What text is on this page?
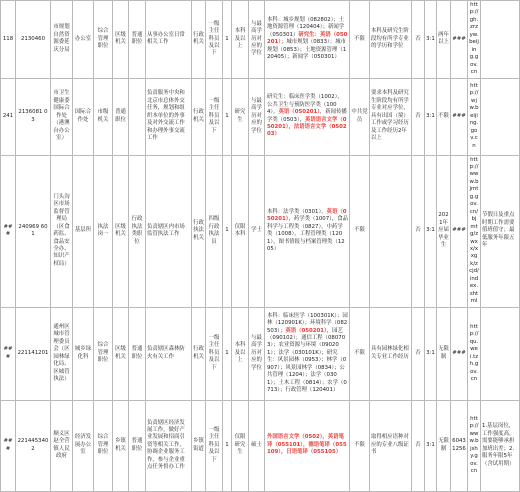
118	2130460	市规划自然资源委延庆分局	办公室	综合管理职位	区级机关	普通职位	从事办公室日常相关工作	行政机关	一级主任科员及以下	1	本科及以上	与最高学历对应的学位	本科：城乡规划（082802）；土地资源管理（120404）；新闻学（050301）研究生：英语（050201）；城市规划（0833）；城市规划（0853）；土地资源管理（120405）；新闻学（050301）	不限	本科及研究生阶段均有所学专业的学历和学位	否	3:1	两年以上	###	http://gh.zrzyw.beijing.gov.cn	
241	2136081 03	市卫生健康委国际合作处（港澳台办公室）	国际合作处	市级机关	普通职位		负责服务中央和北京市总体外交任务，规划和组织本单位的外事及对外交流工作和办理外事交流工作	行政机关	一级主任科员及以下	1	研究生	与最高学历对应的学位	研究生：临床医学类（1002），公共卫生与预防医学类（1004），英语（050201），新闻传播学类（0503），英语语言文学（050201），法语语言文学（050203）	中共党员	要求本科及研究生阶段均有所学专业对应学位，具有出国（境）工作或学习经历及工作经历2年以上	否	3:1	不限	###	http://wjw.beijing.gov.cn	
###	240969 601	门头沟区市场监督管理局（区食药监、食品安全办、知识产权局）	基层所	执法岗一	区级机关	行政执法类职位	负责辖区内市场监管执法工作	行政执法机关	四级行政执法员	1	仅限本科	学士	本科：法学类（0301），英语（050201），药学类（1007），食品科学与工程类（0827），中药学类（1008），工程管理类（1201），图书情报与档案管理类（1205）	不限		否	3:1	2021年应届毕业生	###	http://www.bjmtg.gov.cn/bjmtg/zwxx/xxgk/zcjd/index.shtml	节假日及重点时期工作需要值班值守；最低服务年限五年
###	221141201	通州区城市管理委员会（区园林绿化局、区城管执法）	城乡绿化科	综合管理职位	区级机关	普通职位	负责辖区森林防火有关工作	行政机关	一级主任科员及以下	1	本科及以上	与最高学历对应的学位	本科：临床医学（100301K）；园林（120901K）；环境科学（082503）；英语（050201），园艺（090102）；通信工程（080703）；农业资源与环境（090201）；法学（030101K）；研究生：风景园林（0953）；林学（0907）；风景园林学（0834）；公共管理（1204）；法学（0301）；土木工程（0814）；农学（0713）；行政管理（120401）	不限	具有园林绿化相关专业工作经历	否	3:1	无限制	###	http://qu.wei.tzh.gov.cn	
###	2214453402	顺义区赵全营镇人民政府	经济发展办公室	综合管理职位	乡镇机关	普通职位	负责辖区经济发展工作，做好产业发展和招商引资等相关工作，协调企业服务工作，参与企业重点任务督办工作	乡镇街道	一级主任科员及以下	1	仅限研究生	硕士	外国语言文学（0502），英语笔译（055101），德语笔译（055109），日语笔译（055105）	不限	取得相应语种对应的专业八级证书	否	3:1	无限制	60431256	http://www.bjshy.gov.cn	1.基层岗位，工作强度高，需要能够承担加班出差；2.服务年限5年（含试用期）
